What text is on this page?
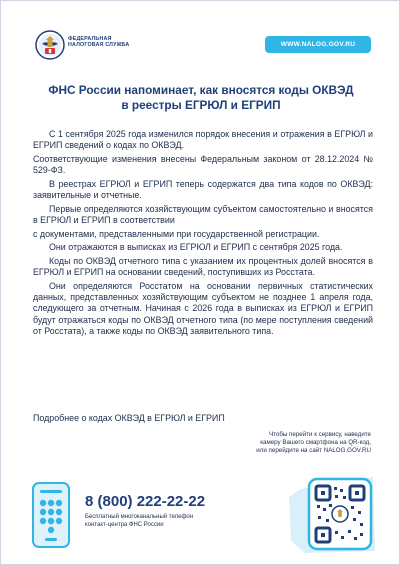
ФЕДЕРАЛЬНАЯ
НАЛОГОВАЯ СЛУЖБА	WWW.NALOG.GOV.RU
ФНС России напоминает, как вносятся коды ОКВЭД
в реестры ЕГРЮЛ и ЕГРИП

С 1 сентября 2025 года изменился порядок внесения и отражения в ЕГРЮЛ и ЕГРИП сведений о кодах по ОКВЭД.

Соответствующие изменения внесены Федеральным законом от 28.12.2024 № 529-ФЗ.

В реестрах ЕГРЮЛ и ЕГРИП теперь содержатся два типа кодов по ОКВЭД: заявительные и отчетные.

Первые определяются хозяйствующим субъектом самостоятельно и вносятся в ЕГРЮЛ и ЕГРИП в соответствии

с документами, представленными при государственной регистрации.

Они отражаются в выписках из ЕГРЮЛ и ЕГРИП с сентября 2025 года.

Коды по ОКВЭД отчетного типа с указанием их процентных долей вносятся в ЕГРЮЛ и ЕГРИП на основании сведений, поступивших из Росстата.

Они определяются Росстатом на основании первичных статистических данных, представленных хозяйствующим субъектом не позднее 1 апреля года, следующего за отчетным. Начиная с 2026 года в выписках из ЕГРЮЛ и ЕГРИП будут отражаться коды по ОКВЭД отчетного типа (по мере поступления сведений от Росстата), а также коды по ОКВЭД заявительного типа.

Подробнее о кодах ОКВЭД в ЕГРЮЛ и ЕГРИП
Чтобы перейти к сервису, наведите
камеру Вашего смартфона на QR-код,
или перейдите на сайт NALOG.GOV.RU
8 (800) 222-22-22
Бесплатный многоканальный телефон
контакт-центра ФНС России
